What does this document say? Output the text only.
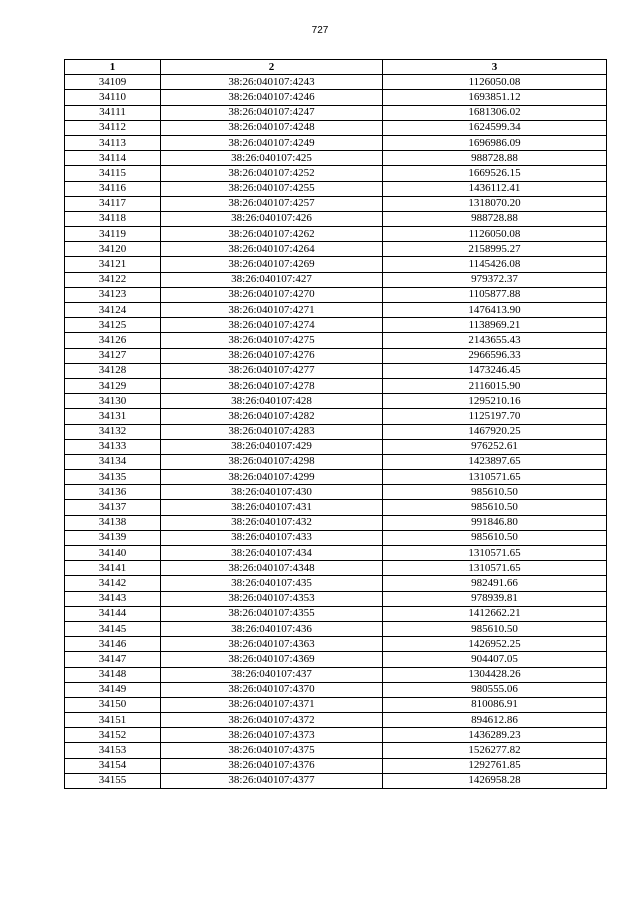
727
1	2	3
34109	38:26:040107:4243	1126050.08
34110	38:26:040107:4246	1693851.12
34111	38:26:040107:4247	1681306.02
34112	38:26:040107:4248	1624599.34
34113	38:26:040107:4249	1696986.09
34114	38:26:040107:425	988728.88
34115	38:26:040107:4252	1669526.15
34116	38:26:040107:4255	1436112.41
34117	38:26:040107:4257	1318070.20
34118	38:26:040107:426	988728.88
34119	38:26:040107:4262	1126050.08
34120	38:26:040107:4264	2158995.27
34121	38:26:040107:4269	1145426.08
34122	38:26:040107:427	979372.37
34123	38:26:040107:4270	1105877.88
34124	38:26:040107:4271	1476413.90
34125	38:26:040107:4274	1138969.21
34126	38:26:040107:4275	2143655.43
34127	38:26:040107:4276	2966596.33
34128	38:26:040107:4277	1473246.45
34129	38:26:040107:4278	2116015.90
34130	38:26:040107:428	1295210.16
34131	38:26:040107:4282	1125197.70
34132	38:26:040107:4283	1467920.25
34133	38:26:040107:429	976252.61
34134	38:26:040107:4298	1423897.65
34135	38:26:040107:4299	1310571.65
34136	38:26:040107:430	985610.50
34137	38:26:040107:431	985610.50
34138	38:26:040107:432	991846.80
34139	38:26:040107:433	985610.50
34140	38:26:040107:434	1310571.65
34141	38:26:040107:4348	1310571.65
34142	38:26:040107:435	982491.66
34143	38:26:040107:4353	978939.81
34144	38:26:040107:4355	1412662.21
34145	38:26:040107:436	985610.50
34146	38:26:040107:4363	1426952.25
34147	38:26:040107:4369	904407.05
34148	38:26:040107:437	1304428.26
34149	38:26:040107:4370	980555.06
34150	38:26:040107:4371	810086.91
34151	38:26:040107:4372	894612.86
34152	38:26:040107:4373	1436289.23
34153	38:26:040107:4375	1526277.82
34154	38:26:040107:4376	1292761.85
34155	38:26:040107:4377	1426958.28
